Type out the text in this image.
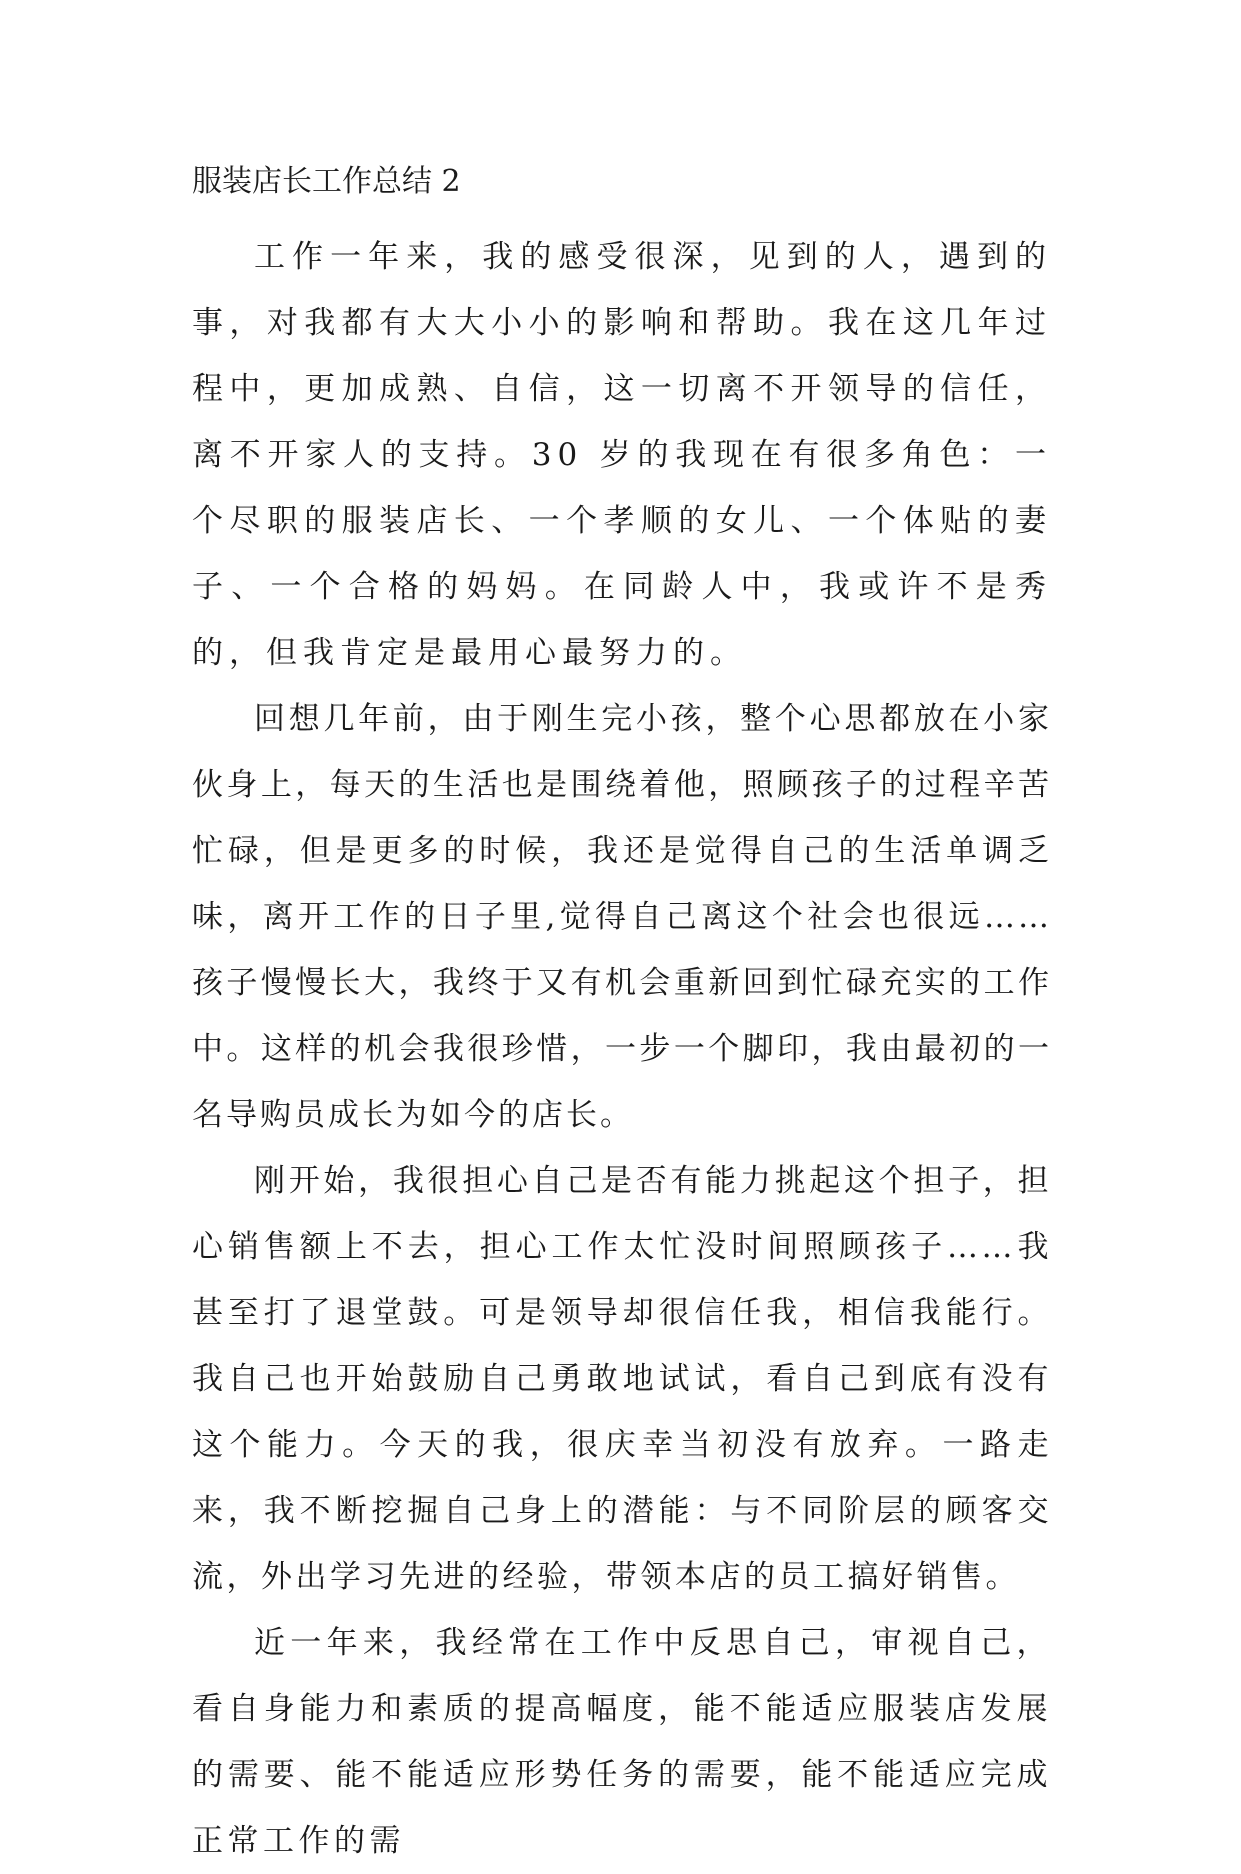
服装店长工作总结 2

工作一年来，我的感受很深，见到的人，遇到的事，对我都有大大小小的影响和帮助。我在这几年过程中，更加成熟、自信，这一切离不开领导的信任，离不开家人的支持。30 岁的我现在有很多角色：一个尽职的服装店长、一个孝顺的女儿、一个体贴的妻子、一个合格的妈妈。在同龄人中，我或许不是秀的，但我肯定是最用心最努力的。

回想几年前，由于刚生完小孩，整个心思都放在小家伙身上，每天的生活也是围绕着他，照顾孩子的过程辛苦忙碌，但是更多的时候，我还是觉得自己的生活单调乏味，离开工作的日子里,觉得自己离这个社会也很远……孩子慢慢长大，我终于又有机会重新回到忙碌充实的工作中。这样的机会我很珍惜，一步一个脚印，我由最初的一名导购员成长为如今的店长。

刚开始，我很担心自己是否有能力挑起这个担子，担心销售额上不去，担心工作太忙没时间照顾孩子……我甚至打了退堂鼓。可是领导却很信任我，相信我能行。我自己也开始鼓励自己勇敢地试试，看自己到底有没有这个能力。今天的我，很庆幸当初没有放弃。一路走来，我不断挖掘自己身上的潜能：与不同阶层的顾客交流，外出学习先进的经验，带领本店的员工搞好销售。

近一年来，我经常在工作中反思自己，审视自己，看自身能力和素质的提高幅度，能不能适应服装店发展的需要、能不能适应形势任务的需要，能不能适应完成正常工作的需
